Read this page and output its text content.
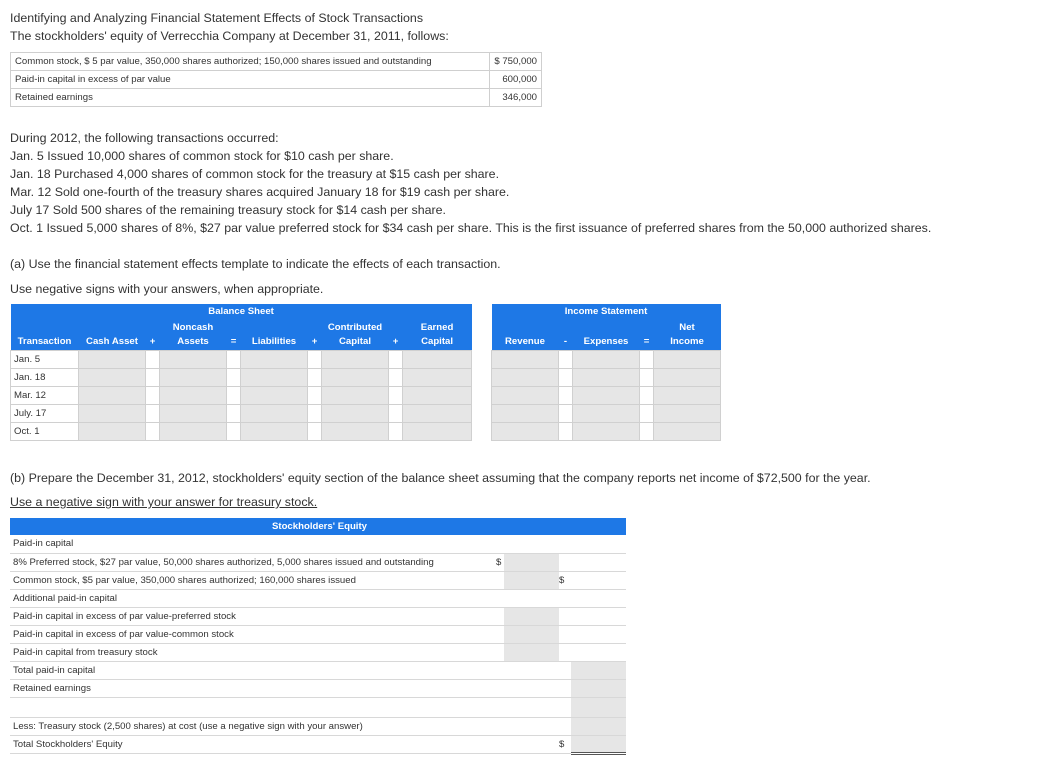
Identifying and Analyzing Financial Statement Effects of Stock Transactions
The stockholders' equity of Verrecchia Company at December 31, 2011, follows:
Common stock, $ 5 par value, 350,000 shares authorized; 150,000 shares issued and outstanding	$ 750,000
Paid-in capital in excess of par value	600,000
Retained earnings	346,000
During 2012, the following transactions occurred:
Jan. 5 Issued 10,000 shares of common stock for $10 cash per share.
Jan. 18 Purchased 4,000 shares of common stock for the treasury at $15 cash per share.
Mar. 12 Sold one-fourth of the treasury shares acquired January 18 for $19 cash per share.
July 17 Sold 500 shares of the remaining treasury stock for $14 cash per share.
Oct. 1 Issued 5,000 shares of 8%, $27 par value preferred stock for $34 cash per share. This is the first issuance of preferred shares from the 50,000 authorized shares.
(a) Use the financial statement effects template to indicate the effects of each transaction.
Use negative signs with your answers, when appropriate.
Balance Sheet									
			Noncash				Contributed		Earned
Transaction	Cash Asset	+	Assets	=	Liabilities	+	Capital	+	Capital
Jan. 5									
Jan. 18									
Mar. 12									
July. 17									
Oct. 1									
Income Statement				
				Net
Revenue	-	Expenses	=	Income

(b) Prepare the December 31, 2012, stockholders' equity section of the balance sheet assuming that the company reports net income of $72,500 for the year.
Use a negative sign with your answer for treasury stock.
Stockholders' Equity				
Paid-in capital				
8% Preferred stock, $27 par value, 50,000 shares authorized, 5,000 shares issued and outstanding	$			
Common stock, $5 par value, 350,000 shares authorized; 160,000 shares issued			$	
Additional paid-in capital				
Paid-in capital in excess of par value-preferred stock				
Paid-in capital in excess of par value-common stock				
Paid-in capital from treasury stock				
Total paid-in capital				
Retained earnings				

Less: Treasury stock (2,500 shares) at cost (use a negative sign with your answer)				
Total Stockholders' Equity			$	
